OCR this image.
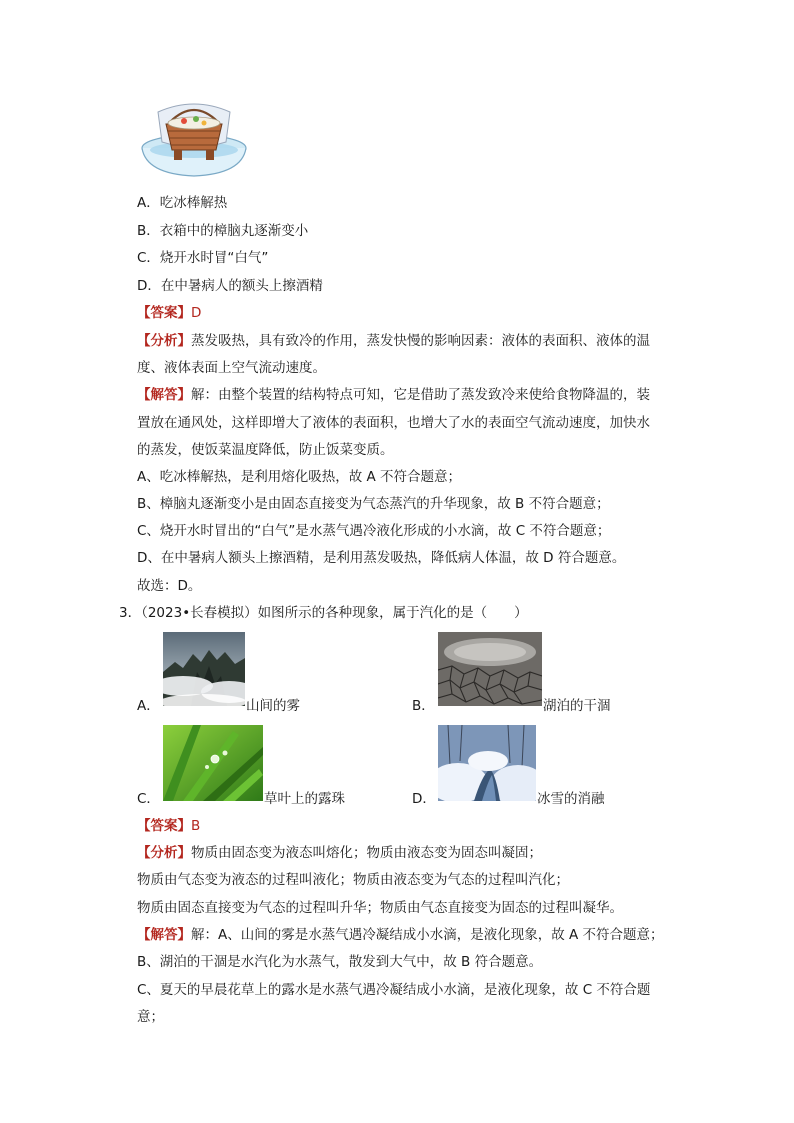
A．吃冰棒解热
B．衣箱中的樟脑丸逐渐变小
C．烧开水时冒“白气”
D．在中暑病人的额头上擦酒精
【答案】D
【分析】蒸发吸热，具有致冷的作用，蒸发快慢的影响因素：液体的表面积、液体的温
度、液体表面上空气流动速度。
【解答】解：由整个装置的结构特点可知，它是借助了蒸发致冷来使给食物降温的，装
置放在通风处，这样即增大了液体的表面积，也增大了水的表面空气流动速度，加快水
的蒸发，使饭菜温度降低，防止饭菜变质。
A、吃冰棒解热，是利用熔化吸热，故 A 不符合题意；
B、樟脑丸逐渐变小是由固态直接变为气态蒸汽的升华现象，故 B 不符合题意；
C、烧开水时冒出的“白气”是水蒸气遇冷液化形成的小水滴，故 C 不符合题意；
D、在中暑病人额头上擦酒精，是利用蒸发吸热，降低病人体温，故 D 符合题意。
故选：D。
3．（2023•长春模拟）如图所示的各种现象，属于汽化的是（　　）
A．	山间的雾	B．	湖泊的干涸
C．	草叶上的露珠	D．	冰雪的消融
【答案】B
【分析】物质由固态变为液态叫熔化；物质由液态变为固态叫凝固；
物质由气态变为液态的过程叫液化；物质由液态变为气态的过程叫汽化；
物质由固态直接变为气态的过程叫升华；物质由气态直接变为固态的过程叫凝华。
【解答】解：A、山间的雾是水蒸气遇冷凝结成小水滴，是液化现象，故 A 不符合题意；
B、湖泊的干涸是水汽化为水蒸气，散发到大气中，故 B 符合题意。
C、夏天的早晨花草上的露水是水蒸气遇冷凝结成小水滴，是液化现象，故 C 不符合题
意；
